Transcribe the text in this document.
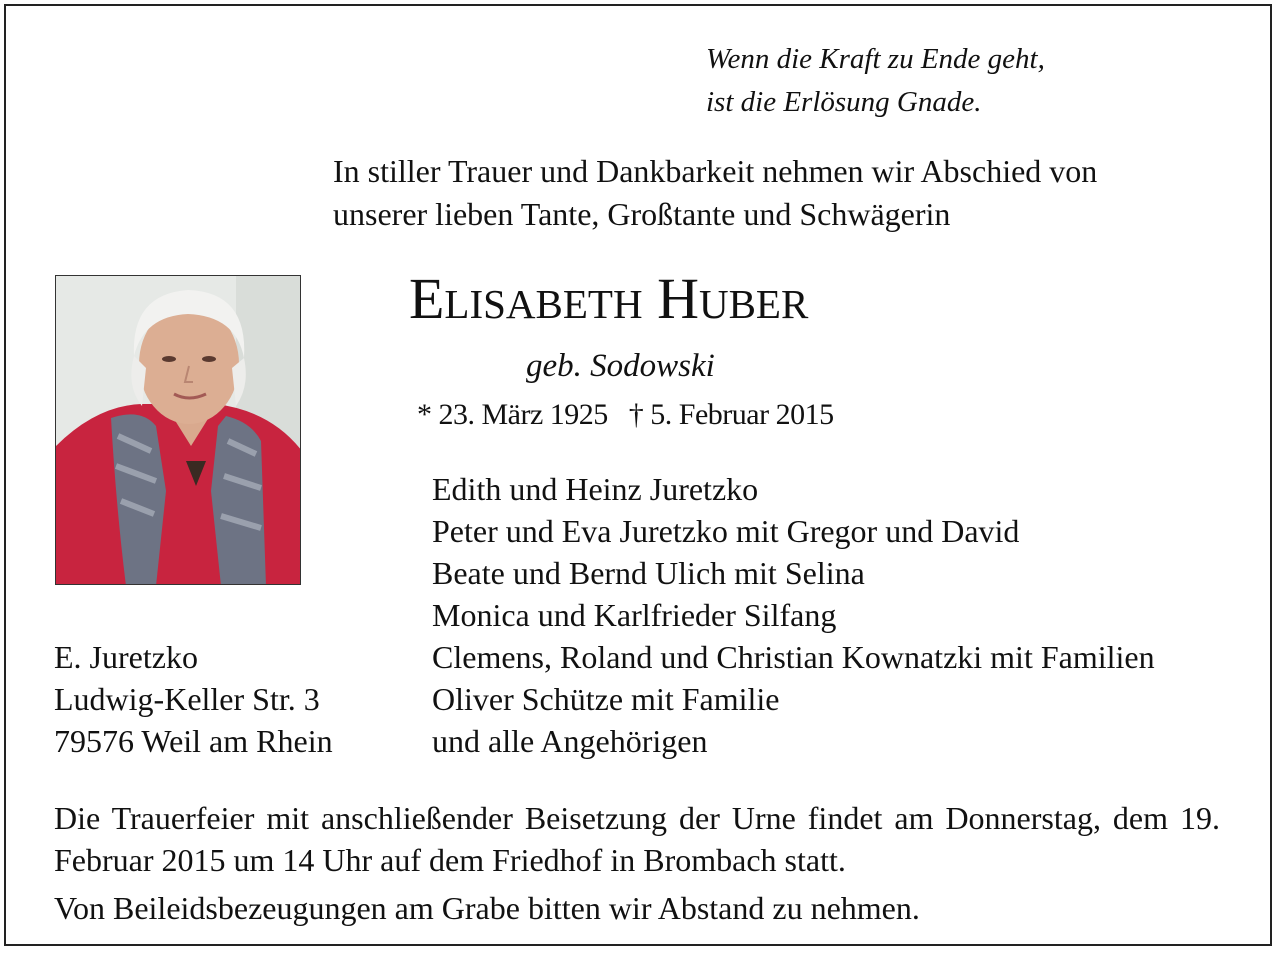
Wenn die Kraft zu Ende geht,
ist die Erlösung Gnade.
In stiller Trauer und Dankbarkeit nehmen wir Abschied von
unserer lieben Tante, Großtante und Schwägerin
Elisabeth Huber
geb. Sodowski
* 23. März 1925   † 5. Februar 2015
Edith und Heinz Juretzko
Peter und Eva Juretzko mit Gregor und David
Beate und Bernd Ulich mit Selina
Monica und Karlfrieder Silfang
Clemens, Roland und Christian Kownatzki mit Familien
Oliver Schütze mit Familie
und alle Angehörigen
E. Juretzko
Ludwig-Keller Str. 3
79576 Weil am Rhein
Die Trauerfeier mit anschließender Beisetzung der Urne findet am Donnerstag, dem 19. Februar 2015 um 14 Uhr auf dem Friedhof in Brombach statt.
Von Beileidsbezeugungen am Grabe bitten wir Abstand zu nehmen.
